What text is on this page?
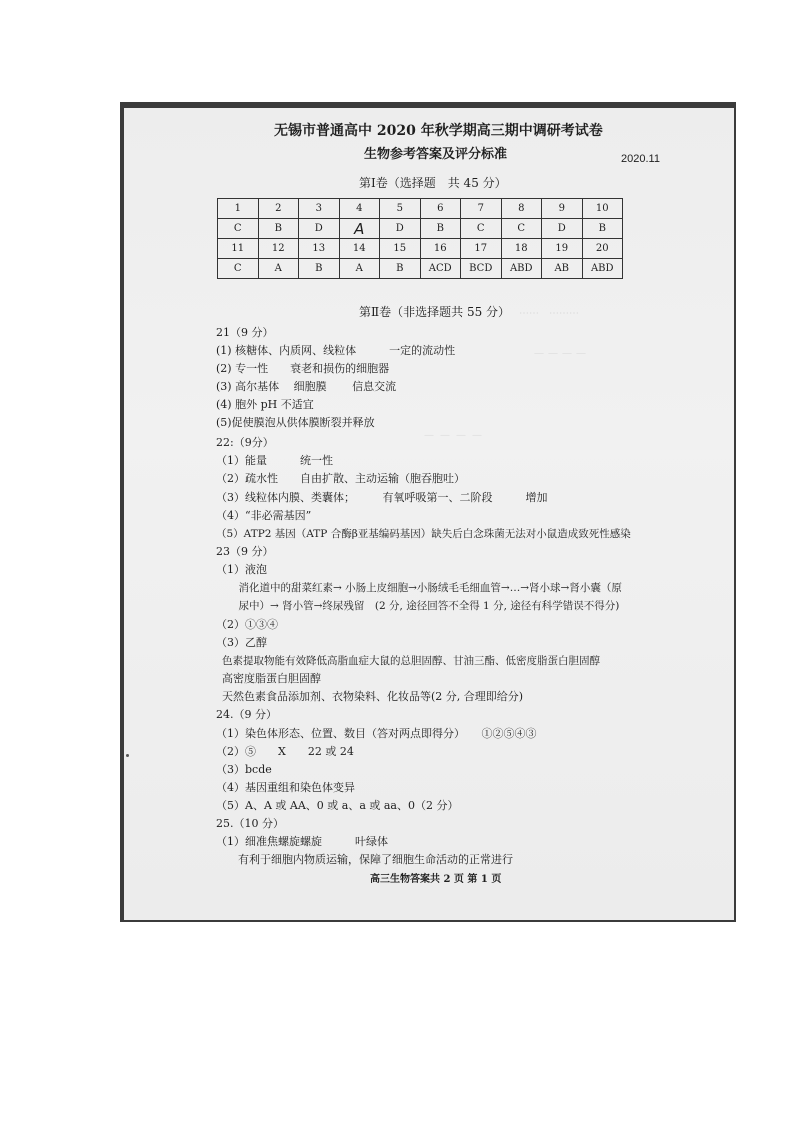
⋯⋯⋯　⋯⋯
————
————
无锡市普通高中 2020 年秋学期高三期中调研考试卷
生物参考答案及评分标准	2020.11
第Ⅰ卷（选择题　共 45 分）
1	2	3	4	5	6	7	8	9	10
C	B	D	A	D	B	C	C	D	B
11	12	13	14	15	16	17	18	19	20
C	A	B	A	B	ACD	BCD	ABD	AB	ABD
第Ⅱ卷（非选择题共 55 分）
21（9 分）
(1) 核糖体、内质网、线粒体　　　一定的流动性
(2) 专一性　　衰老和损伤的细胞器
(3) 高尔基体　 细胞膜　　 信息交流
(4) 胞外 pH 不适宜
(5)促使膜泡从供体膜断裂并释放
22:（9分）
（1）能量　　　统一性
（2）疏水性　　自由扩散、主动运输（胞吞胞吐）
（3）线粒体内膜、类囊体；　　　有氧呼吸第一、二阶段　　　增加
（4）“非必需基因”
（5）ATP2 基因（ATP 合酶β亚基编码基因）缺失后白念珠菌无法对小鼠造成致死性感染
23（9 分）
（1）液泡
　消化道中的甜菜红素→ 小肠上皮细胞→小肠绒毛毛细血管→…→肾小球→肾小囊（原
　尿中）→ 肾小管→终尿残留　(2 分, 途径回答不全得 1 分, 途径有科学错误不得分)
（2）①③④
（3）乙醇
色素提取物能有效降低高脂血症大鼠的总胆固醇、甘油三酯、低密度脂蛋白胆固醇
高密度脂蛋白胆固醇
天然色素食品添加剂、衣物染料、化妆品等(2 分, 合理即给分)
24.（9 分）
（1）染色体形态、位置、数目（答对两点即得分）　　①②⑤④③
（2）⑤　　X　　22 或 24
（3）bcde
（4）基因重组和染色体变异
（5）A、A 或 AA、0 或 a、a 或 aa、0（2 分）
25.（10 分）
（1）细准焦螺旋螺旋　　　叶绿体
　　有利于细胞内物质运输，保障了细胞生命活动的正常进行
高三生物答案共 2 页 第 1 页
